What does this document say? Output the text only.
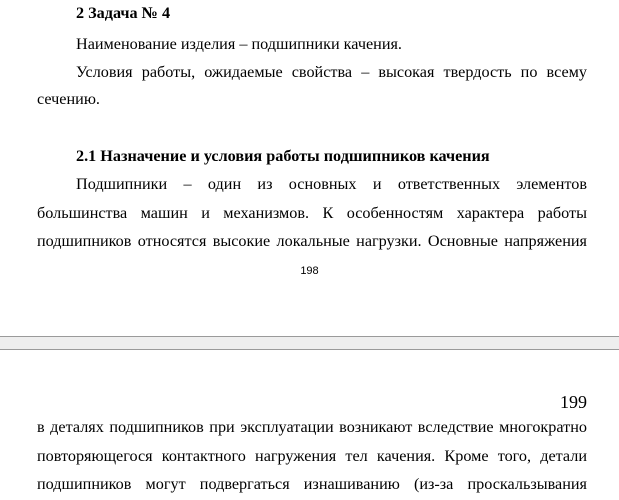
2 Задача № 4
Наименование изделия – подшипники качения.
Условия работы, ожидаемые свойства – высокая твердость по всему
сечению.
2.1 Назначение и условия работы подшипников качения
Подшипники – один из основных и ответственных элементов
большинства машин и механизмов. К особенностям характера работы
подшипников относятся высокие локальные нагрузки. Основные напряжения
198
199
в деталях подшипников при эксплуатации возникают вследствие многократно
повторяющегося контактного нагружения тел качения. Кроме того, детали
подшипников могут подвергаться изнашиванию (из-за проскальзывания
